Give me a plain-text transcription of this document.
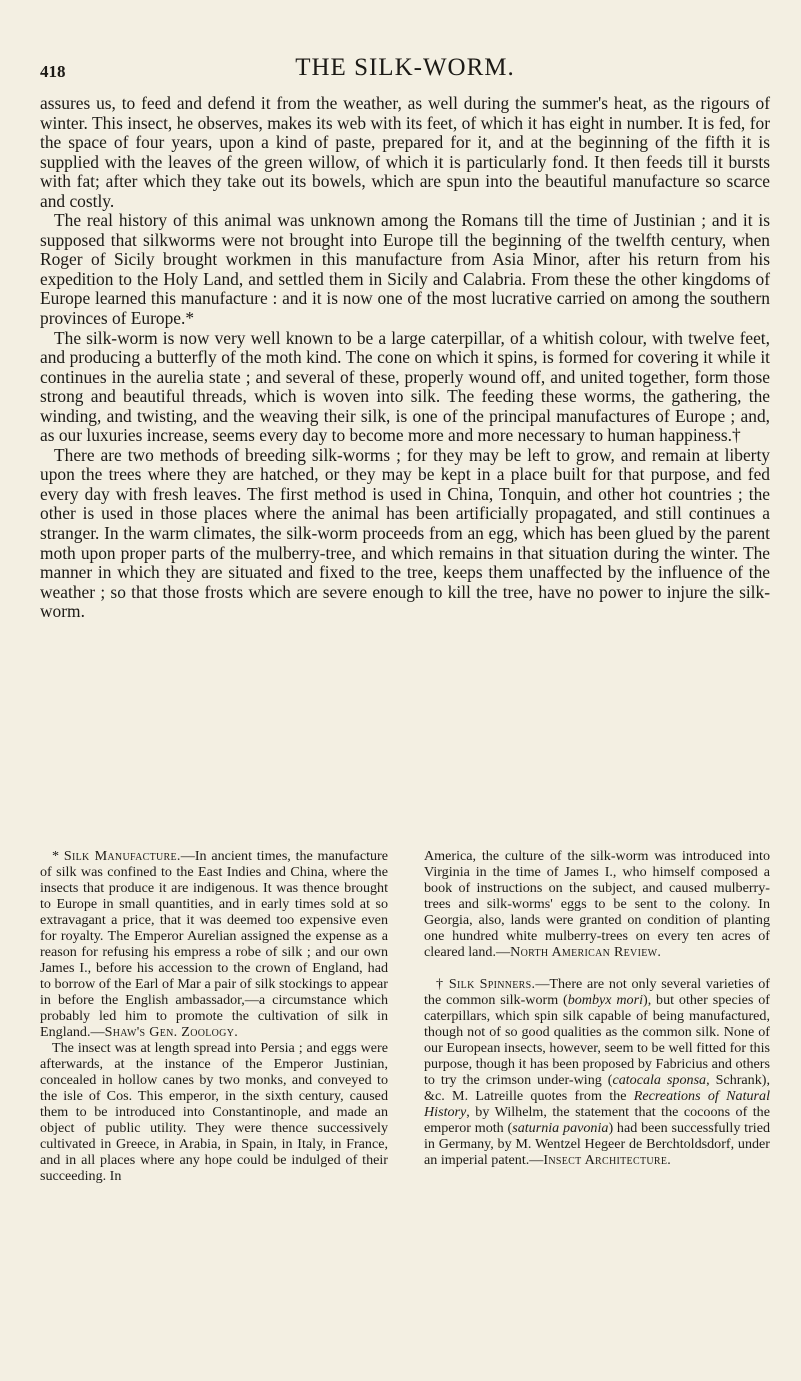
418	THE SILK-WORM.

assures us, to feed and defend it from the weather, as well during the summer's heat, as the rigours of winter. This insect, he observes, makes its web with its feet, of which it has eight in number. It is fed, for the space of four years, upon a kind of paste, prepared for it, and at the beginning of the fifth it is supplied with the leaves of the green willow, of which it is particularly fond. It then feeds till it bursts with fat; after which they take out its bowels, which are spun into the beautiful manufacture so scarce and costly.

The real history of this animal was unknown among the Romans till the time of Justinian ; and it is supposed that silkworms were not brought into Europe till the beginning of the twelfth century, when Roger of Sicily brought workmen in this manufacture from Asia Minor, after his return from his expedition to the Holy Land, and settled them in Sicily and Calabria. From these the other kingdoms of Europe learned this manufacture : and it is now one of the most lucrative carried on among the southern provinces of Europe.*

The silk-worm is now very well known to be a large caterpillar, of a whitish colour, with twelve feet, and producing a butterfly of the moth kind. The cone on which it spins, is formed for covering it while it continues in the aurelia state ; and several of these, properly wound off, and united together, form those strong and beautiful threads, which is woven into silk. The feeding these worms, the gathering, the winding, and twisting, and the weaving their silk, is one of the principal manufactures of Europe ; and, as our luxuries increase, seems every day to become more and more necessary to human happiness.†

There are two methods of breeding silk-worms ; for they may be left to grow, and remain at liberty upon the trees where they are hatched, or they may be kept in a place built for that purpose, and fed every day with fresh leaves. The first method is used in China, Tonquin, and other hot countries ; the other is used in those places where the animal has been artificially propagated, and still continues a stranger. In the warm climates, the silk-worm proceeds from an egg, which has been glued by the parent moth upon proper parts of the mulberry-tree, and which remains in that situation during the winter. The manner in which they are situated and fixed to the tree, keeps them unaffected by the influence of the weather ; so that those frosts which are severe enough to kill the tree, have no power to injure the silk-worm.

* Silk Manufacture.—In ancient times, the manufacture of silk was confined to the East Indies and China, where the insects that produce it are indigenous. It was thence brought to Europe in small quantities, and in early times sold at so extravagant a price, that it was deemed too expensive even for royalty. The Emperor Aurelian assigned the expense as a reason for refusing his empress a robe of silk ; and our own James I., before his accession to the crown of England, had to borrow of the Earl of Mar a pair of silk stockings to appear in before the English ambassador,—a circumstance which probably led him to promote the cultivation of silk in England.—Shaw's Gen. Zoology.

The insect was at length spread into Persia ; and eggs were afterwards, at the instance of the Emperor Justinian, concealed in hollow canes by two monks, and conveyed to the isle of Cos. This emperor, in the sixth century, caused them to be introduced into Constantinople, and made an object of public utility. They were thence successively cultivated in Greece, in Arabia, in Spain, in Italy, in France, and in all places where any hope could be indulged of their succeeding. In

America, the culture of the silk-worm was introduced into Virginia in the time of James I., who himself composed a book of instructions on the subject, and caused mulberry-trees and silk-worms' eggs to be sent to the colony. In Georgia, also, lands were granted on condition of planting one hundred white mulberry-trees on every ten acres of cleared land.—North American Review.

† Silk Spinners.—There are not only several varieties of the common silk-worm (bombyx mori), but other species of caterpillars, which spin silk capable of being manufactured, though not of so good qualities as the common silk. None of our European insects, however, seem to be well fitted for this purpose, though it has been proposed by Fabricius and others to try the crimson under-wing (catocala sponsa, Schrank), &c. M. Latreille quotes from the Recreations of Natural History, by Wilhelm, the statement that the cocoons of the emperor moth (saturnia pavonia) had been successfully tried in Germany, by M. Wentzel Hegeer de Berchtoldsdorf, under an imperial patent.—Insect Architecture.
